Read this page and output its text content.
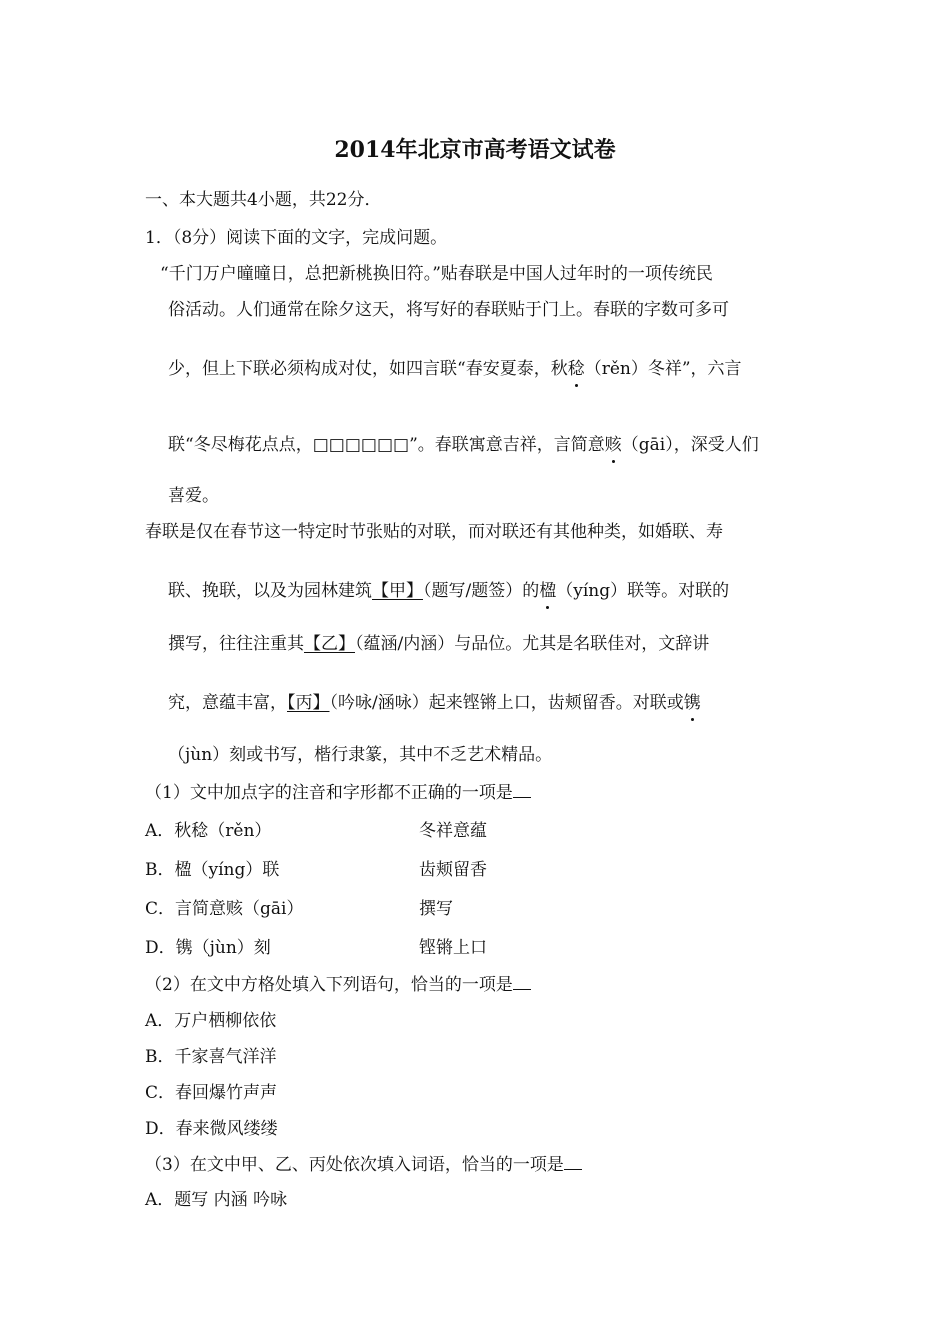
2014年北京市高考语文试卷
一、本大题共4小题，共22分．
1．（8分）阅读下面的文字，完成问题。
“千门万户曈曈日，总把新桃换旧符。”贴春联是中国人过年时的一项传统民
俗活动。人们通常在除夕这天，将写好的春联贴于门上。春联的字数可多可
少，但上下联必须构成对仗，如四言联“春安夏泰，秋稔（rěn）冬祥”，六言
联“冬尽梅花点点，□□□□□□”。春联寓意吉祥，言简意赅（gāi），深受人们
喜爱。
春联是仅在春节这一特定时节张贴的对联，而对联还有其他种类，如婚联、寿
联、挽联，以及为园林建筑【甲】（题写/题签）的楹（yíng）联等。对联的
撰写，往往注重其【乙】（蕴涵/内涵）与品位。尤其是名联佳对，文辞讲
究，意蕴丰富，【丙】（吟咏/涵咏）起来铿锵上口，齿颊留香。对联或镌
（jùn）刻或书写，楷行隶篆，其中不乏艺术精品。
（1）文中加点字的注音和字形都不正确的一项是
A．秋稔（rěn）	冬祥意蕴
B．楹（yíng）联	齿颊留香
C．言简意赅（gāi）	撰写
D．镌（jùn）刻	铿锵上口
（2）在文中方格处填入下列语句，恰当的一项是
A．万户栖柳依依
B．千家喜气洋洋
C．春回爆竹声声
D．春来微风缕缕
（3）在文中甲、乙、丙处依次填入词语，恰当的一项是
A．题写 内涵 吟咏
